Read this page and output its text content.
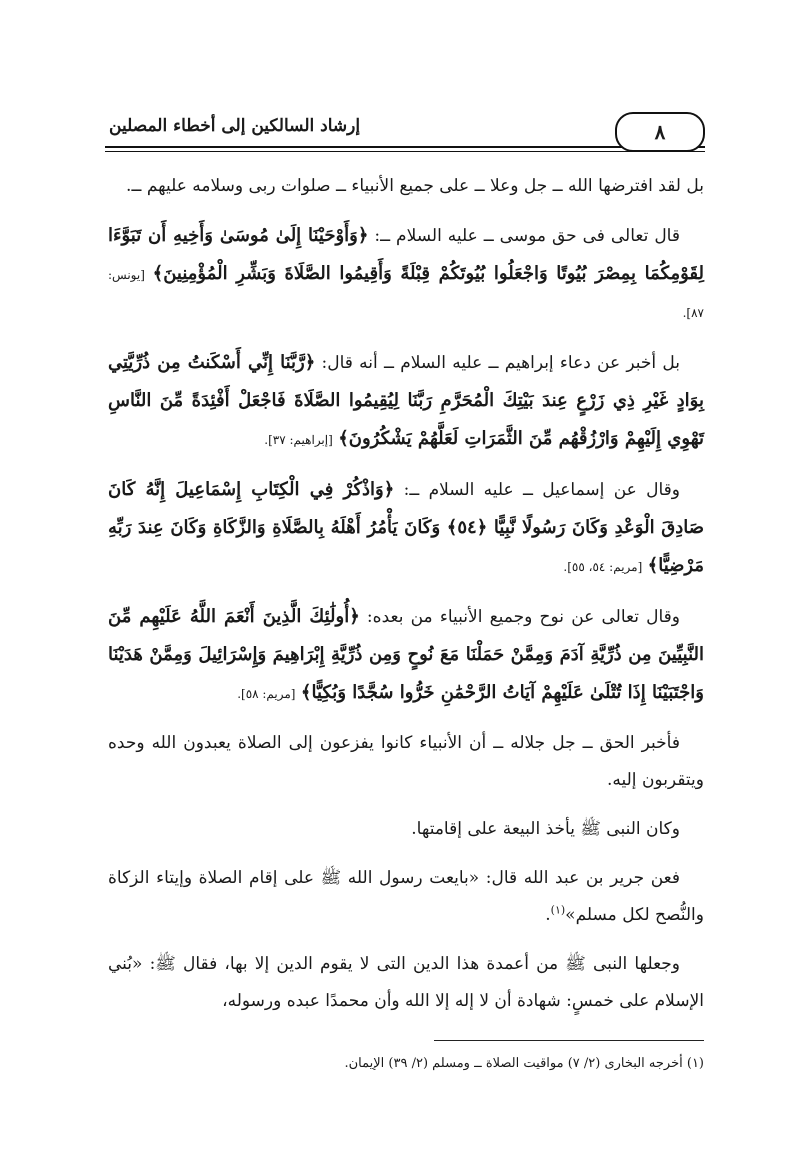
إرشاد السالكين إلى أخطاء المصلين	٨

بل لقد افترضها الله ــ جل وعلا ــ على جميع الأنبياء ــ صلوات ربى وسلامه عليهم ــ.

قال تعالى فى حق موسى ــ عليه السلام ــ: ﴿وَأَوْحَيْنَا إِلَىٰ مُوسَىٰ وَأَخِيهِ أَن تَبَوَّءَا لِقَوْمِكُمَا بِمِصْرَ بُيُوتًا وَاجْعَلُوا بُيُوتَكُمْ قِبْلَةً وَأَقِيمُوا الصَّلَاةَ وَبَشِّرِ الْمُؤْمِنِينَ﴾ [يونس: ٨٧].

بل أخبر عن دعاء إبراهيم ــ عليه السلام ــ أنه قال: ﴿رَّبَّنَا إِنِّي أَسْكَنتُ مِن ذُرِّيَّتِي بِوَادٍ غَيْرِ ذِي زَرْعٍ عِندَ بَيْتِكَ الْمُحَرَّمِ رَبَّنَا لِيُقِيمُوا الصَّلَاةَ فَاجْعَلْ أَفْئِدَةً مِّنَ النَّاسِ تَهْوِي إِلَيْهِمْ وَارْزُقْهُم مِّنَ الثَّمَرَاتِ لَعَلَّهُمْ يَشْكُرُونَ﴾ [إبراهيم: ٣٧].

وقال عن إسماعيل ــ عليه السلام ــ: ﴿وَاذْكُرْ فِي الْكِتَابِ إِسْمَاعِيلَ إِنَّهُ كَانَ صَادِقَ الْوَعْدِ وَكَانَ رَسُولًا نَّبِيًّا ﴿٥٤﴾ وَكَانَ يَأْمُرُ أَهْلَهُ بِالصَّلَاةِ وَالزَّكَاةِ وَكَانَ عِندَ رَبِّهِ مَرْضِيًّا﴾ [مريم: ٥٤، ٥٥].

وقال تعالى عن نوح وجميع الأنبياء من بعده: ﴿أُولَٰئِكَ الَّذِينَ أَنْعَمَ اللَّهُ عَلَيْهِم مِّنَ النَّبِيِّينَ مِن ذُرِّيَّةِ آدَمَ وَمِمَّنْ حَمَلْنَا مَعَ نُوحٍ وَمِن ذُرِّيَّةِ إِبْرَاهِيمَ وَإِسْرَائِيلَ وَمِمَّنْ هَدَيْنَا وَاجْتَبَيْنَا إِذَا تُتْلَىٰ عَلَيْهِمْ آيَاتُ الرَّحْمَٰنِ خَرُّوا سُجَّدًا وَبُكِيًّا﴾ [مريم: ٥٨].

فأخبر الحق ــ جل جلاله ــ أن الأنبياء كانوا يفزعون إلى الصلاة يعبدون الله وحده ويتقربون إليه.

وكان النبى ﷺ يأخذ البيعة على إقامتها.

فعن جرير بن عبد الله قال: «بايعت رسول الله ﷺ على إقام الصلاة وإيتاء الزكاة والنُّصح لكل مسلم»$^{(١)}$.

وجعلها النبى ﷺ من أعمدة هذا الدين التى لا يقوم الدين إلا بها، فقال ﷺ: «بُني الإسلام على خمسٍ: شهادة أن لا إله إلا الله وأن محمدًا عبده ورسوله،

(١) أخرجه البخارى (٢/ ٧) مواقيت الصلاة ــ ومسلم (٢/ ٣٩) الإيمان.
